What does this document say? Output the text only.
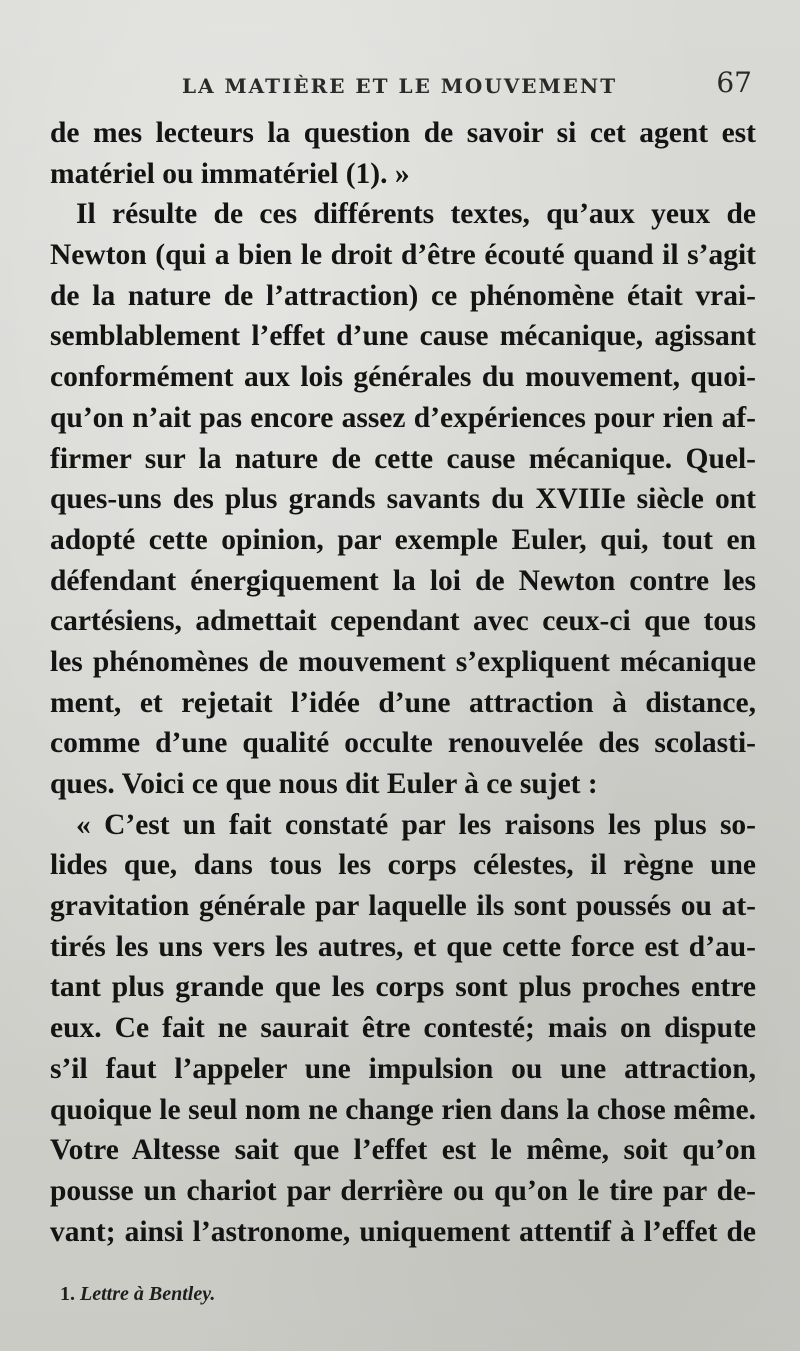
LA MATIÈRE ET LE MOUVEMENT	67
de mes lecteurs la question de savoir si cet agent est
matériel ou immatériel (1). »
Il résulte de ces différents textes, qu’aux yeux de
Newton (qui a bien le droit d’être écouté quand il s’agit
de la nature de l’attraction) ce phénomène était vrai-
semblablement l’effet d’une cause mécanique, agissant
conformément aux lois générales du mouvement, quoi-
qu’on n’ait pas encore assez d’expériences pour rien af-
firmer sur la nature de cette cause mécanique. Quel-
ques-uns des plus grands savants du XVIIIe siècle ont
adopté cette opinion, par exemple Euler, qui, tout en
défendant énergiquement la loi de Newton contre les
cartésiens, admettait cependant avec ceux-ci que tous
les phénomènes de mouvement s’expliquent mécanique
ment, et rejetait l’idée d’une attraction à distance,
comme d’une qualité occulte renouvelée des scolasti-
ques. Voici ce que nous dit Euler à ce sujet :
« C’est un fait constaté par les raisons les plus so-
lides que, dans tous les corps célestes, il règne une
gravitation générale par laquelle ils sont poussés ou at-
tirés les uns vers les autres, et que cette force est d’au-
tant plus grande que les corps sont plus proches entre
eux. Ce fait ne saurait être contesté; mais on dispute
s’il faut l’appeler une impulsion ou une attraction,
quoique le seul nom ne change rien dans la chose même.
Votre Altesse sait que l’effet est le même, soit qu’on
pousse un chariot par derrière ou qu’on le tire par de-
vant; ainsi l’astronome, uniquement attentif à l’effet de
1. Lettre à Bentley.
